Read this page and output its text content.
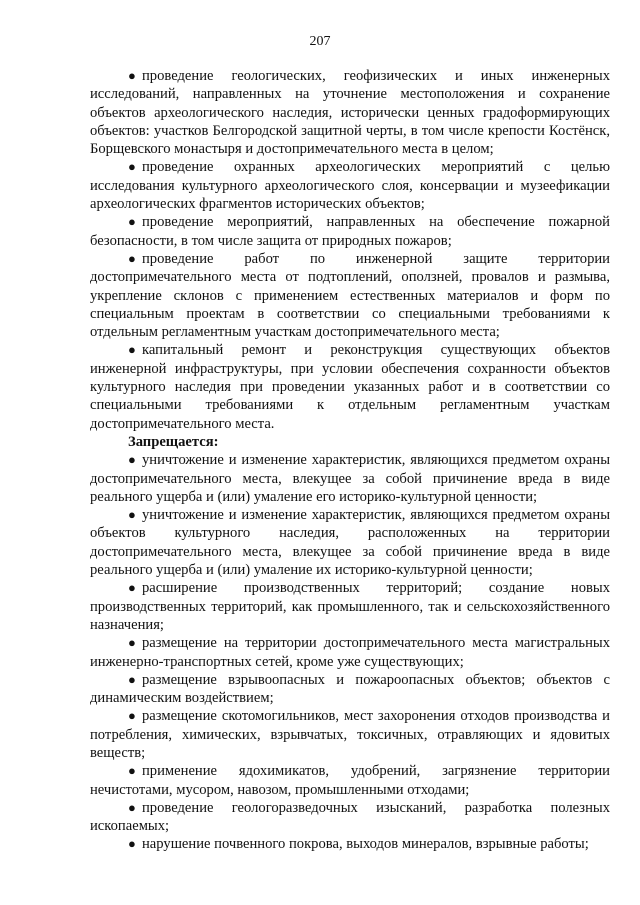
207

● проведение геологических, геофизических и иных инженерных исследований, направленных на уточнение местоположения и сохранение объектов археологического наследия, исторически ценных градоформирующих объектов: участков Белгородской защитной черты, в том числе крепости Костёнск, Борщевского монастыря и достопримечательного места в целом;

● проведение охранных археологических мероприятий с целью исследования культурного археологического слоя, консервации и музеефикации археологических фрагментов исторических объектов;

● проведение мероприятий, направленных на обеспечение пожарной безопасности, в том числе защита от природных пожаров;

● проведение работ по инженерной защите территории достопримечательного места от подтоплений, оползней, провалов и размыва, укрепление склонов с применением естественных материалов и форм по специальным проектам в соответствии со специальными требованиями к отдельным регламентным участкам достопримечательного места;

● капитальный ремонт и реконструкция существующих объектов инженерной инфраструктуры, при условии обеспечения сохранности объектов культурного наследия при проведении указанных работ и в соответствии со специальными требованиями к отдельным регламентным участкам достопримечательного места.

Запрещается:

● уничтожение и изменение характеристик, являющихся предметом охраны достопримечательного места, влекущее за собой причинение вреда в виде реального ущерба и (или) умаление его историко-культурной ценности;

● уничтожение и изменение характеристик, являющихся предметом охраны объектов культурного наследия, расположенных на территории достопримечательного места, влекущее за собой причинение вреда в виде реального ущерба и (или) умаление их историко-культурной ценности;

● расширение производственных территорий; создание новых производственных территорий, как промышленного, так и сельскохозяйственного назначения;

● размещение на территории достопримечательного места магистральных инженерно-транспортных сетей, кроме уже существующих;

● размещение взрывоопасных и пожароопасных объектов; объектов с динамическим воздействием;

● размещение скотомогильников, мест захоронения отходов производства и потребления, химических, взрывчатых, токсичных, отравляющих и ядовитых веществ;

● применение ядохимикатов, удобрений, загрязнение территории нечистотами, мусором, навозом, промышленными отходами;

● проведение геологоразведочных изысканий, разработка полезных ископаемых;

● нарушение почвенного покрова, выходов минералов, взрывные работы;
